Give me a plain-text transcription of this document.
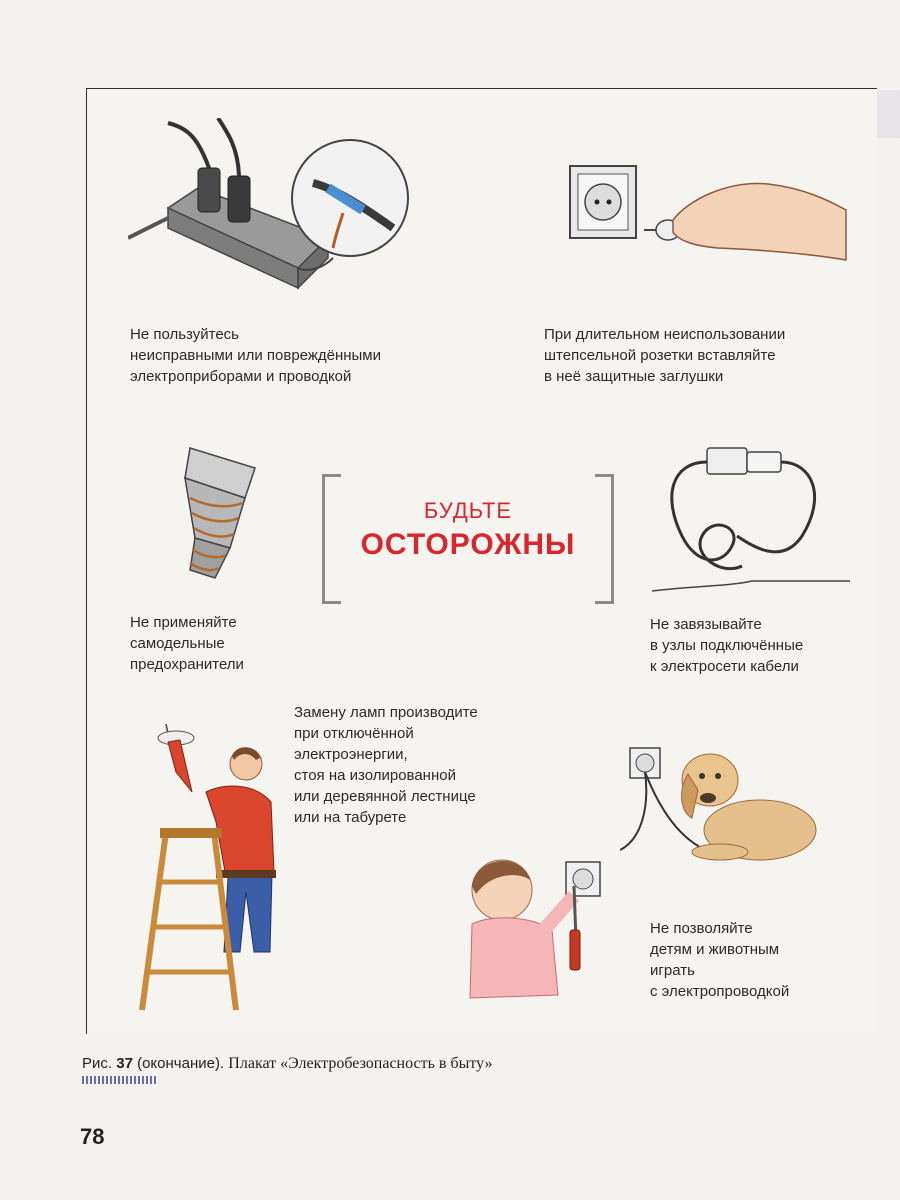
Не пользуйтесь
неисправными или повреждёнными
электроприборами и проводкой
При длительном неиспользовании
штепсельной розетки вставляйте
в неё защитные заглушки
БУДЬТЕ
ОСТОРОЖНЫ
Не применяйте
самодельные
предохранители
Не завязывайте
в узлы подключённые
к электросети кабели
Замену ламп производите
при отключённой
электроэнергии,
стоя на изолированной
или деревянной лестнице
или на табурете
Не позволяйте
детям и животным
играть
с электропроводкой
Рис. 37 (окончание). Плакат «Электробезопасность в быту»
78
